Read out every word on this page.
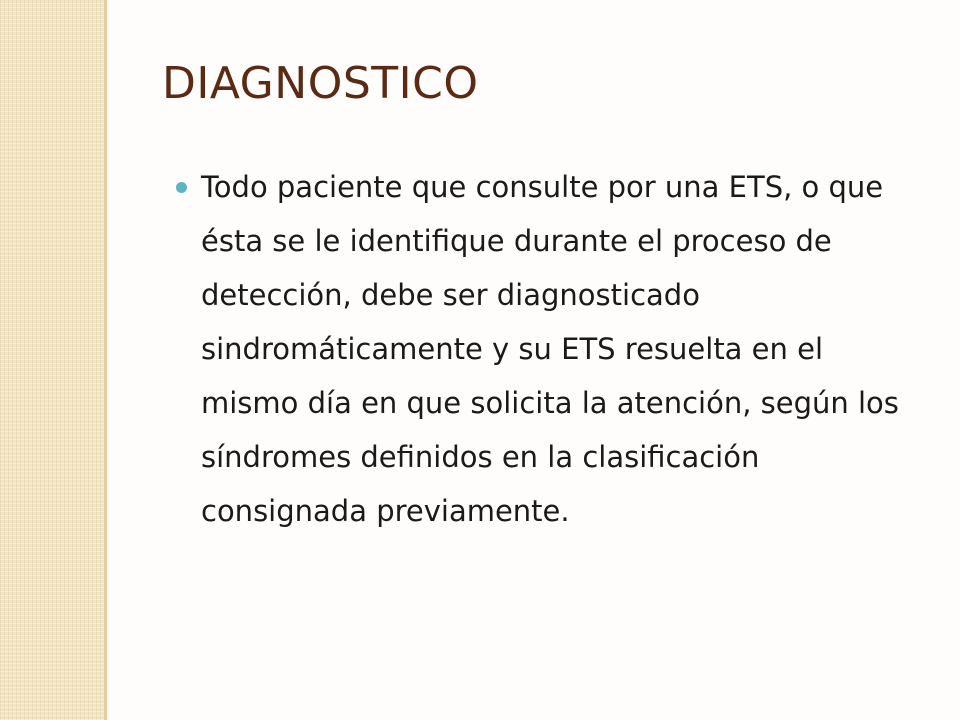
DIAGNOSTICO
Todo paciente que consulte por una ETS, o que ésta se le identifique durante el proceso de detección, debe ser diagnosticado sindromáticamente y su ETS resuelta en el mismo día en que solicita la atención, según los síndromes definidos en la clasificación consignada previamente.
